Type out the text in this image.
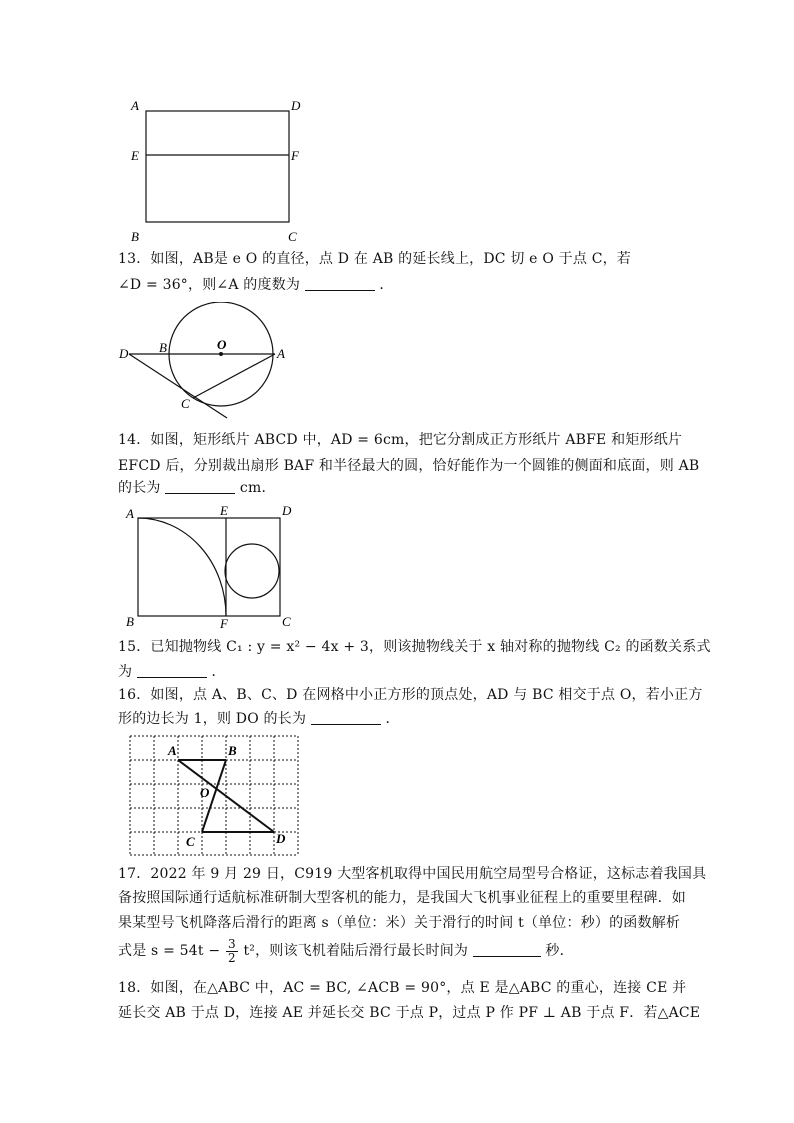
A	D
E	F
B	C
13．如图，AB是 e O 的直径，点 D 在 AB 的延长线上，DC 切 e O 于点 C，若
∠D = 36°，则∠A 的度数为	．
D B	O
A
C
14．如图，矩形纸片 ABCD 中，AD = 6cm，把它分割成正方形纸片 ABFE 和矩形纸片
EFCD 后，分别裁出扇形 BAF 和半径最大的圆，恰好能作为一个圆锥的侧面和底面，则 AB
的长为	cm．
A	E	D
B	F	C
15．已知抛物线 C₁ : y = x² − 4x + 3，则该抛物线关于 x 轴对称的抛物线 C₂ 的函数关系式
为	．
16．如图，点 A、B、C、D 在网格中小正方形的顶点处，AD 与 BC 相交于点 O，若小正方
形的边长为 1，则 DO 的长为	．
A	B
O
C	D
17．2022 年 9 月 29 日，C919 大型客机取得中国民用航空局型号合格证，这标志着我国具
备按照国际通行适航标准研制大型客机的能力，是我国大飞机事业征程上的重要里程碑．如
果某型号飞机降落后滑行的距离 s（单位：米）关于滑行的时间 t（单位：秒）的函数解析
式是 $s = 54t - \frac{3}{2} t^2$，则该飞机着陆后滑行最长时间为	秒．
18．如图，在△ABC 中，AC = BC, ∠ACB = 90°，点 E 是△ABC 的重心，连接 CE 并
延长交 AB 于点 D，连接 AE 并延长交 BC 于点 P，过点 P 作 PF ⊥ AB 于点 F．若△ACE
